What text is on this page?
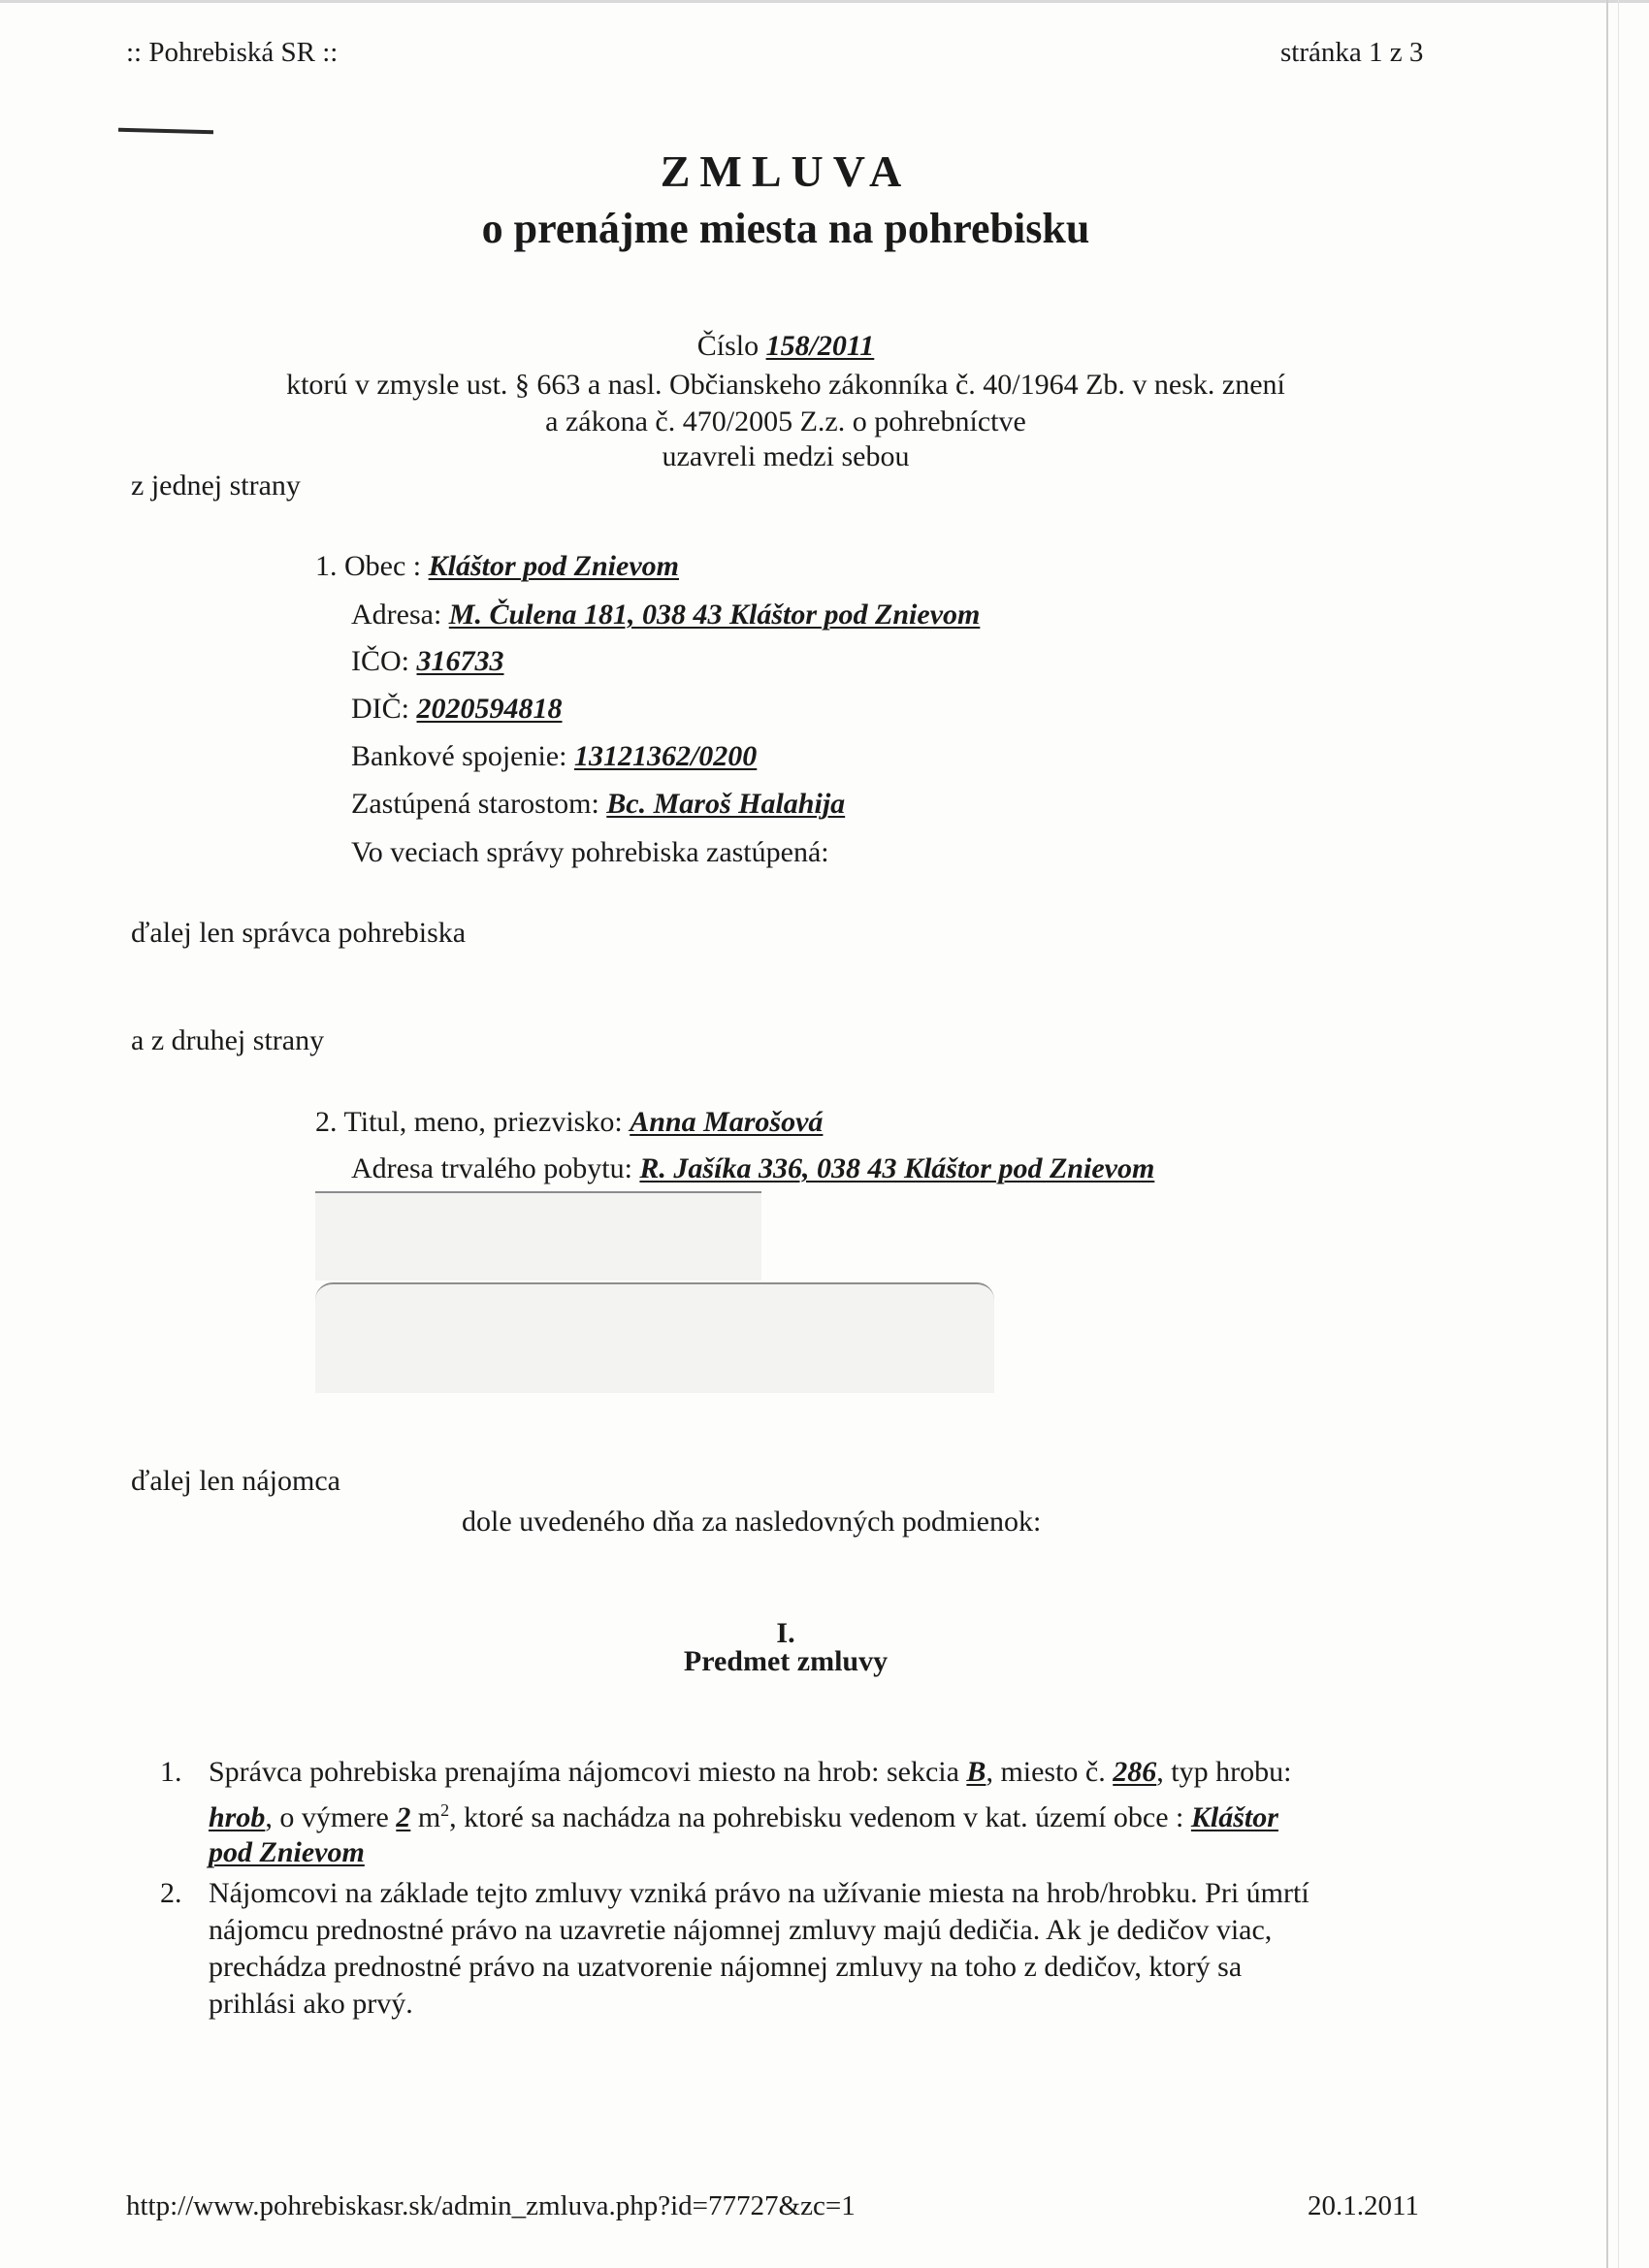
:: Pohrebiská SR ::	stránka 1 z 3
ZMLUVA
o prenájme miesta na pohrebisku
Číslo 158/2011
ktorú v zmysle ust. § 663 a nasl. Občianskeho zákonníka č. 40/1964 Zb. v nesk. znení
a zákona č. 470/2005 Z.z. o pohrebníctve
uzavreli medzi sebou
z jednej strany
1. Obec : Kláštor pod Znievom
Adresa: M. Čulena 181, 038 43 Kláštor pod Znievom
IČO: 316733
DIČ: 2020594818
Bankové spojenie: 13121362/0200
Zastúpená starostom: Bc. Maroš Halahija
Vo veciach správy pohrebiska zastúpená:
ďalej len správca pohrebiska
a z druhej strany
2. Titul, meno, priezvisko: Anna Marošová
Adresa trvalého pobytu: R. Jašíka 336, 038 43 Kláštor pod Znievom
ďalej len nájomca
dole uvedeného dňa za nasledovných podmienok:
I.
Predmet zmluvy
1. Správca pohrebiska prenajíma nájomcovi miesto na hrob: sekcia B, miesto č. 286, typ hrobu:
hrob, o výmere 2 $m^2$, ktoré sa nachádza na pohrebisku vedenom v kat. území obce : Kláštor
pod Znievom
2. Nájomcovi na základe tejto zmluvy vzniká právo na užívanie miesta na hrob/hrobku. Pri úmrtí
nájomcu prednostné právo na uzavretie nájomnej zmluvy majú dedičia. Ak je dedičov viac,
prechádza prednostné právo na uzatvorenie nájomnej zmluvy na toho z dedičov, ktorý sa
prihlási ako prvý.
http://www.pohrebiskasr.sk/admin_zmluva.php?id=77727&zc=1	20.1.2011
